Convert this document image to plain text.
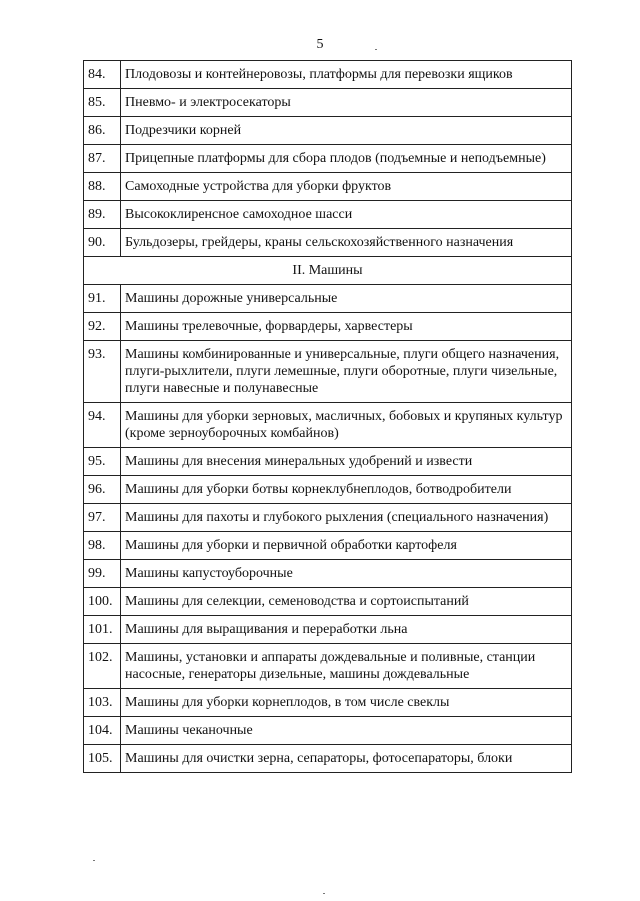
5
84.	Плодовозы и контейнеровозы, платформы для перевозки ящиков
85.	Пневмо- и электросекаторы
86.	Подрезчики корней
87.	Прицепные платформы для сбора плодов (подъемные и неподъемные)
88.	Самоходные устройства для уборки фруктов
89.	Высококлиренсное самоходное шасси
90.	Бульдозеры, грейдеры, краны сельскохозяйственного назначения
II. Машины	
91.	Машины дорожные универсальные
92.	Машины трелевочные, форвардеры, харвестеры
93.	Машины комбинированные и универсальные, плуги общего назначения, плуги-рыхлители, плуги лемешные, плуги оборотные, плуги чизельные, плуги навесные и полунавесные
94.	Машины для уборки зерновых, масличных, бобовых и крупяных культур (кроме зерноуборочных комбайнов)
95.	Машины для внесения минеральных удобрений и извести
96.	Машины для уборки ботвы корнеклубнеплодов, ботводробители
97.	Машины для пахоты и глубокого рыхления (специального назначения)
98.	Машины для уборки и первичной обработки картофеля
99.	Машины капустоуборочные
100.	Машины для селекции, семеноводства и сортоиспытаний
101.	Машины для выращивания и переработки льна
102.	Машины, установки и аппараты дождевальные и поливные, станции насосные, генераторы дизельные, машины дождевальные
103.	Машины для уборки корнеплодов, в том числе свеклы
104.	Машины чеканочные
105.	Машины для очистки зерна, сепараторы, фотосепараторы, блоки
